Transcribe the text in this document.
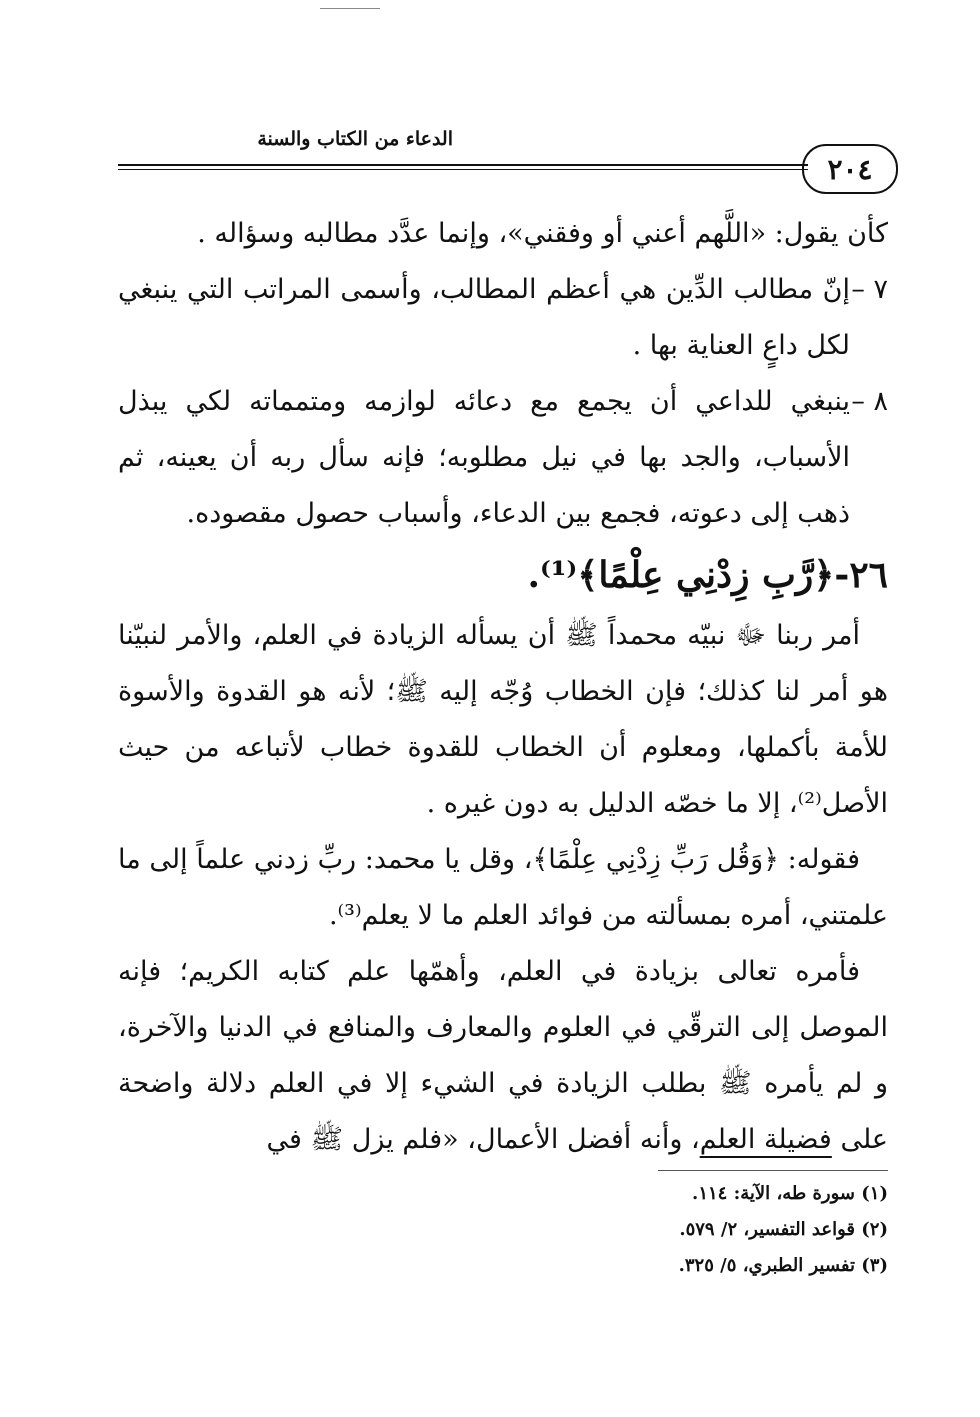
٢٠٤
الدعاء من الكتاب والسنة

كأن يقول: «اللَّهم أعني أو وفقني»، وإنما عدَّد مطالبه وسؤاله .

٧ –
إنّ مطالب الدِّين هي أعظم المطالب، وأسمى المراتب التي ينبغي لكل داعٍ العناية بها .

٨ –
ينبغي للداعي أن يجمع مع دعائه لوازمه ومتمماته لكي يبذل الأسباب، والجد بها في نيل مطلوبه؛ فإنه سأل ربه أن يعينه، ثم ذهب إلى دعوته، فجمع بين الدعاء، وأسباب حصول مقصوده.

٢٦-﴿رَّبِ زِدْنِي عِلْمًا﴾⁽¹⁾.

أمر ربنا ﷻ نبيّه محمداً ﷺ أن يسأله الزيادة في العلم، والأمر لنبيّنا هو أمر لنا كذلك؛ فإن الخطاب وُجّه إليه ﷺ؛ لأنه هو القدوة والأسوة للأمة بأكملها، ومعلوم أن الخطاب للقدوة خطاب لأتباعه من حيث الأصل⁽²⁾، إلا ما خصّه الدليل به دون غيره .

فقوله: ﴿وَقُل رَبِّ زِدْنِي عِلْمًا﴾، وقل يا محمد: ربِّ زدني علماً إلى ما علمتني، أمره بمسألته من فوائد العلم ما لا يعلم⁽³⁾.

فأمره تعالى بزيادة في العلم، وأهمّها علم كتابه الكريم؛ فإنه الموصل إلى الترقّي في العلوم والمعارف والمنافع في الدنيا والآخرة، و لم يأمره ﷺ بطلب الزيادة في الشيء إلا في العلم دلالة واضحة على فضيلة العلم، وأنه أفضل الأعمال، «فلم يزل ﷺ في

(١) سورة طه، الآية: ١١٤.
(٢) قواعد التفسير، ٢/ ٥٧٩.
(٣) تفسير الطبري، ٥/ ٣٢٥.
